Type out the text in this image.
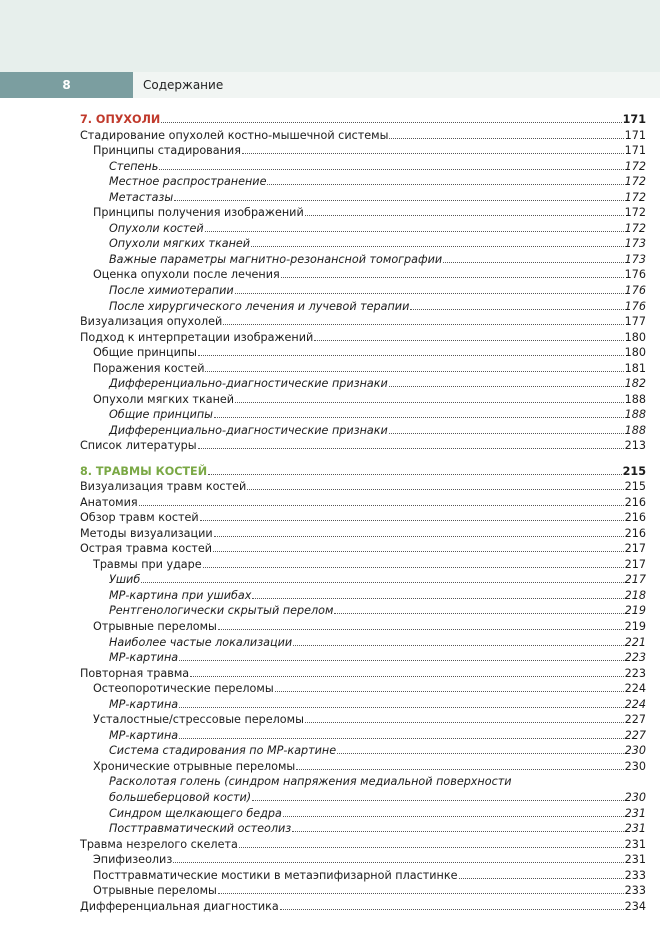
8	Содержание
7. ОПУХОЛИ	171
Стадирование опухолей костно-мышечной системы	171
Принципы стадирования	171
Степень	172
Местное распространение	172
Метастазы	172
Принципы получения изображений	172
Опухоли костей	172
Опухоли мягких тканей	173
Важные параметры магнитно-резонансной томографии	173
Оценка опухоли после лечения	176
После химиотерапии	176
После хирургического лечения и лучевой терапии	176
Визуализация опухолей	177
Подход к интерпретации изображений	180
Общие принципы	180
Поражения костей	181
Дифференциально-диагностические признаки	182
Опухоли мягких тканей	188
Общие принципы	188
Дифференциально-диагностические признаки	188
Список литературы	213
8. ТРАВМЫ КОСТЕЙ	215
Визуализация травм костей	215
Анатомия	216
Обзор травм костей	216
Методы визуализации	216
Острая травма костей	217
Травмы при ударе	217
Ушиб	217
МР-картина при ушибах	218
Рентгенологически скрытый перелом	219
Отрывные переломы	219
Наиболее частые локализации	221
МР-картина	223
Повторная травма	223
Остеопоротические переломы	224
МР-картина	224
Усталостные/стрессовые переломы	227
МР-картина	227
Система стадирования по МР-картине	230
Хронические отрывные переломы	230
Расколотая голень (синдром напряжения медиальной поверхности
большеберцовой кости)	230
Синдром щелкающего бедра	231
Посттравматический остеолиз	231
Травма незрелого скелета	231
Эпифизеолиз	231
Посттравматические мостики в метаэпифизарной пластинке	233
Отрывные переломы	233
Дифференциальная диагностика	234
